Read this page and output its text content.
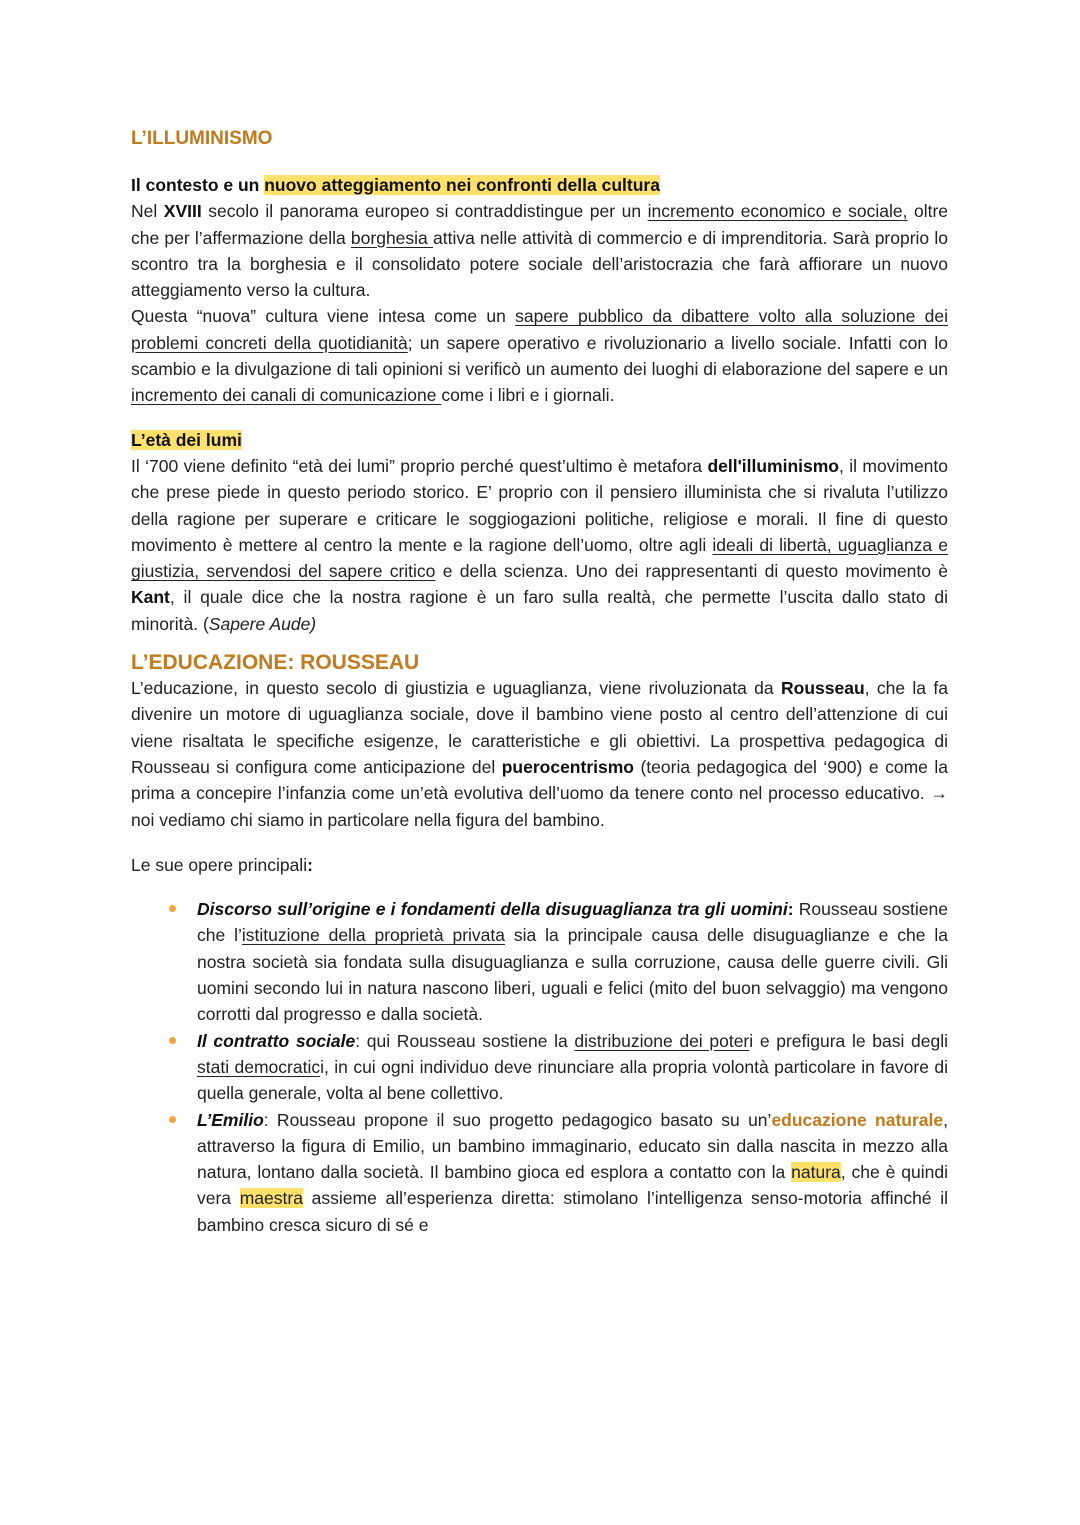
L’ILLUMINISMO

Il contesto e un nuovo atteggiamento nei confronti della cultura

Nel XVIII secolo il panorama europeo si contraddistingue per un incremento economico e sociale, oltre che per l’affermazione della borghesia attiva nelle attività di commercio e di imprenditoria. Sarà proprio lo scontro tra la borghesia e il consolidato potere sociale dell’aristocrazia che farà affiorare un nuovo atteggiamento verso la cultura.

Questa “nuova” cultura viene intesa come un sapere pubblico da dibattere volto alla soluzione dei problemi concreti della quotidianità; un sapere operativo e rivoluzionario a livello sociale. Infatti con lo scambio e la divulgazione di tali opinioni si verificò un aumento dei luoghi di elaborazione del sapere e un incremento dei canali di comunicazione come i libri e i giornali.

L’età dei lumi

Il ‘700 viene definito “età dei lumi” proprio perché quest’ultimo è metafora dell'illuminismo, il movimento che prese piede in questo periodo storico. E’ proprio con il pensiero illuminista che si rivaluta l’utilizzo della ragione per superare e criticare le soggiogazioni politiche, religiose e morali. Il fine di questo movimento è mettere al centro la mente e la ragione dell’uomo, oltre agli ideali di libertà, uguaglianza e giustizia, servendosi del sapere critico e della scienza. Uno dei rappresentanti di questo movimento è Kant, il quale dice che la nostra ragione è un faro sulla realtà, che permette l’uscita dallo stato di minorità. (Sapere Aude)

L’EDUCAZIONE: ROUSSEAU

L’educazione, in questo secolo di giustizia e uguaglianza, viene rivoluzionata da Rousseau, che la fa divenire un motore di uguaglianza sociale, dove il bambino viene posto al centro dell’attenzione di cui viene risaltata le specifiche esigenze, le caratteristiche e gli obiettivi. La prospettiva pedagogica di Rousseau si configura come anticipazione del puerocentrismo (teoria pedagogica del ‘900) e come la prima a concepire l’infanzia come un’età evolutiva dell’uomo da tenere conto nel processo educativo. → noi vediamo chi siamo in particolare nella figura del bambino.

Le sue opere principali:

Discorso sull’origine e i fondamenti della disuguaglianza tra gli uomini: Rousseau sostiene che l’istituzione della proprietà privata sia la principale causa delle disuguaglianze e che la nostra società sia fondata sulla disuguaglianza e sulla corruzione, causa delle guerre civili. Gli uomini secondo lui in natura nascono liberi, uguali e felici (mito del buon selvaggio) ma vengono corrotti dal progresso e dalla società.

Il contratto sociale: qui Rousseau sostiene la distribuzione dei poteri e prefigura le basi degli stati democratici, in cui ogni individuo deve rinunciare alla propria volontà particolare in favore di quella generale, volta al bene collettivo.

L’Emilio: Rousseau propone il suo progetto pedagogico basato su un’educazione naturale, attraverso la figura di Emilio, un bambino immaginario, educato sin dalla nascita in mezzo alla natura, lontano dalla società. Il bambino gioca ed esplora a contatto con la natura, che è quindi vera maestra assieme all’esperienza diretta: stimolano l’intelligenza senso-motoria affinché il bambino cresca sicuro di sé e
